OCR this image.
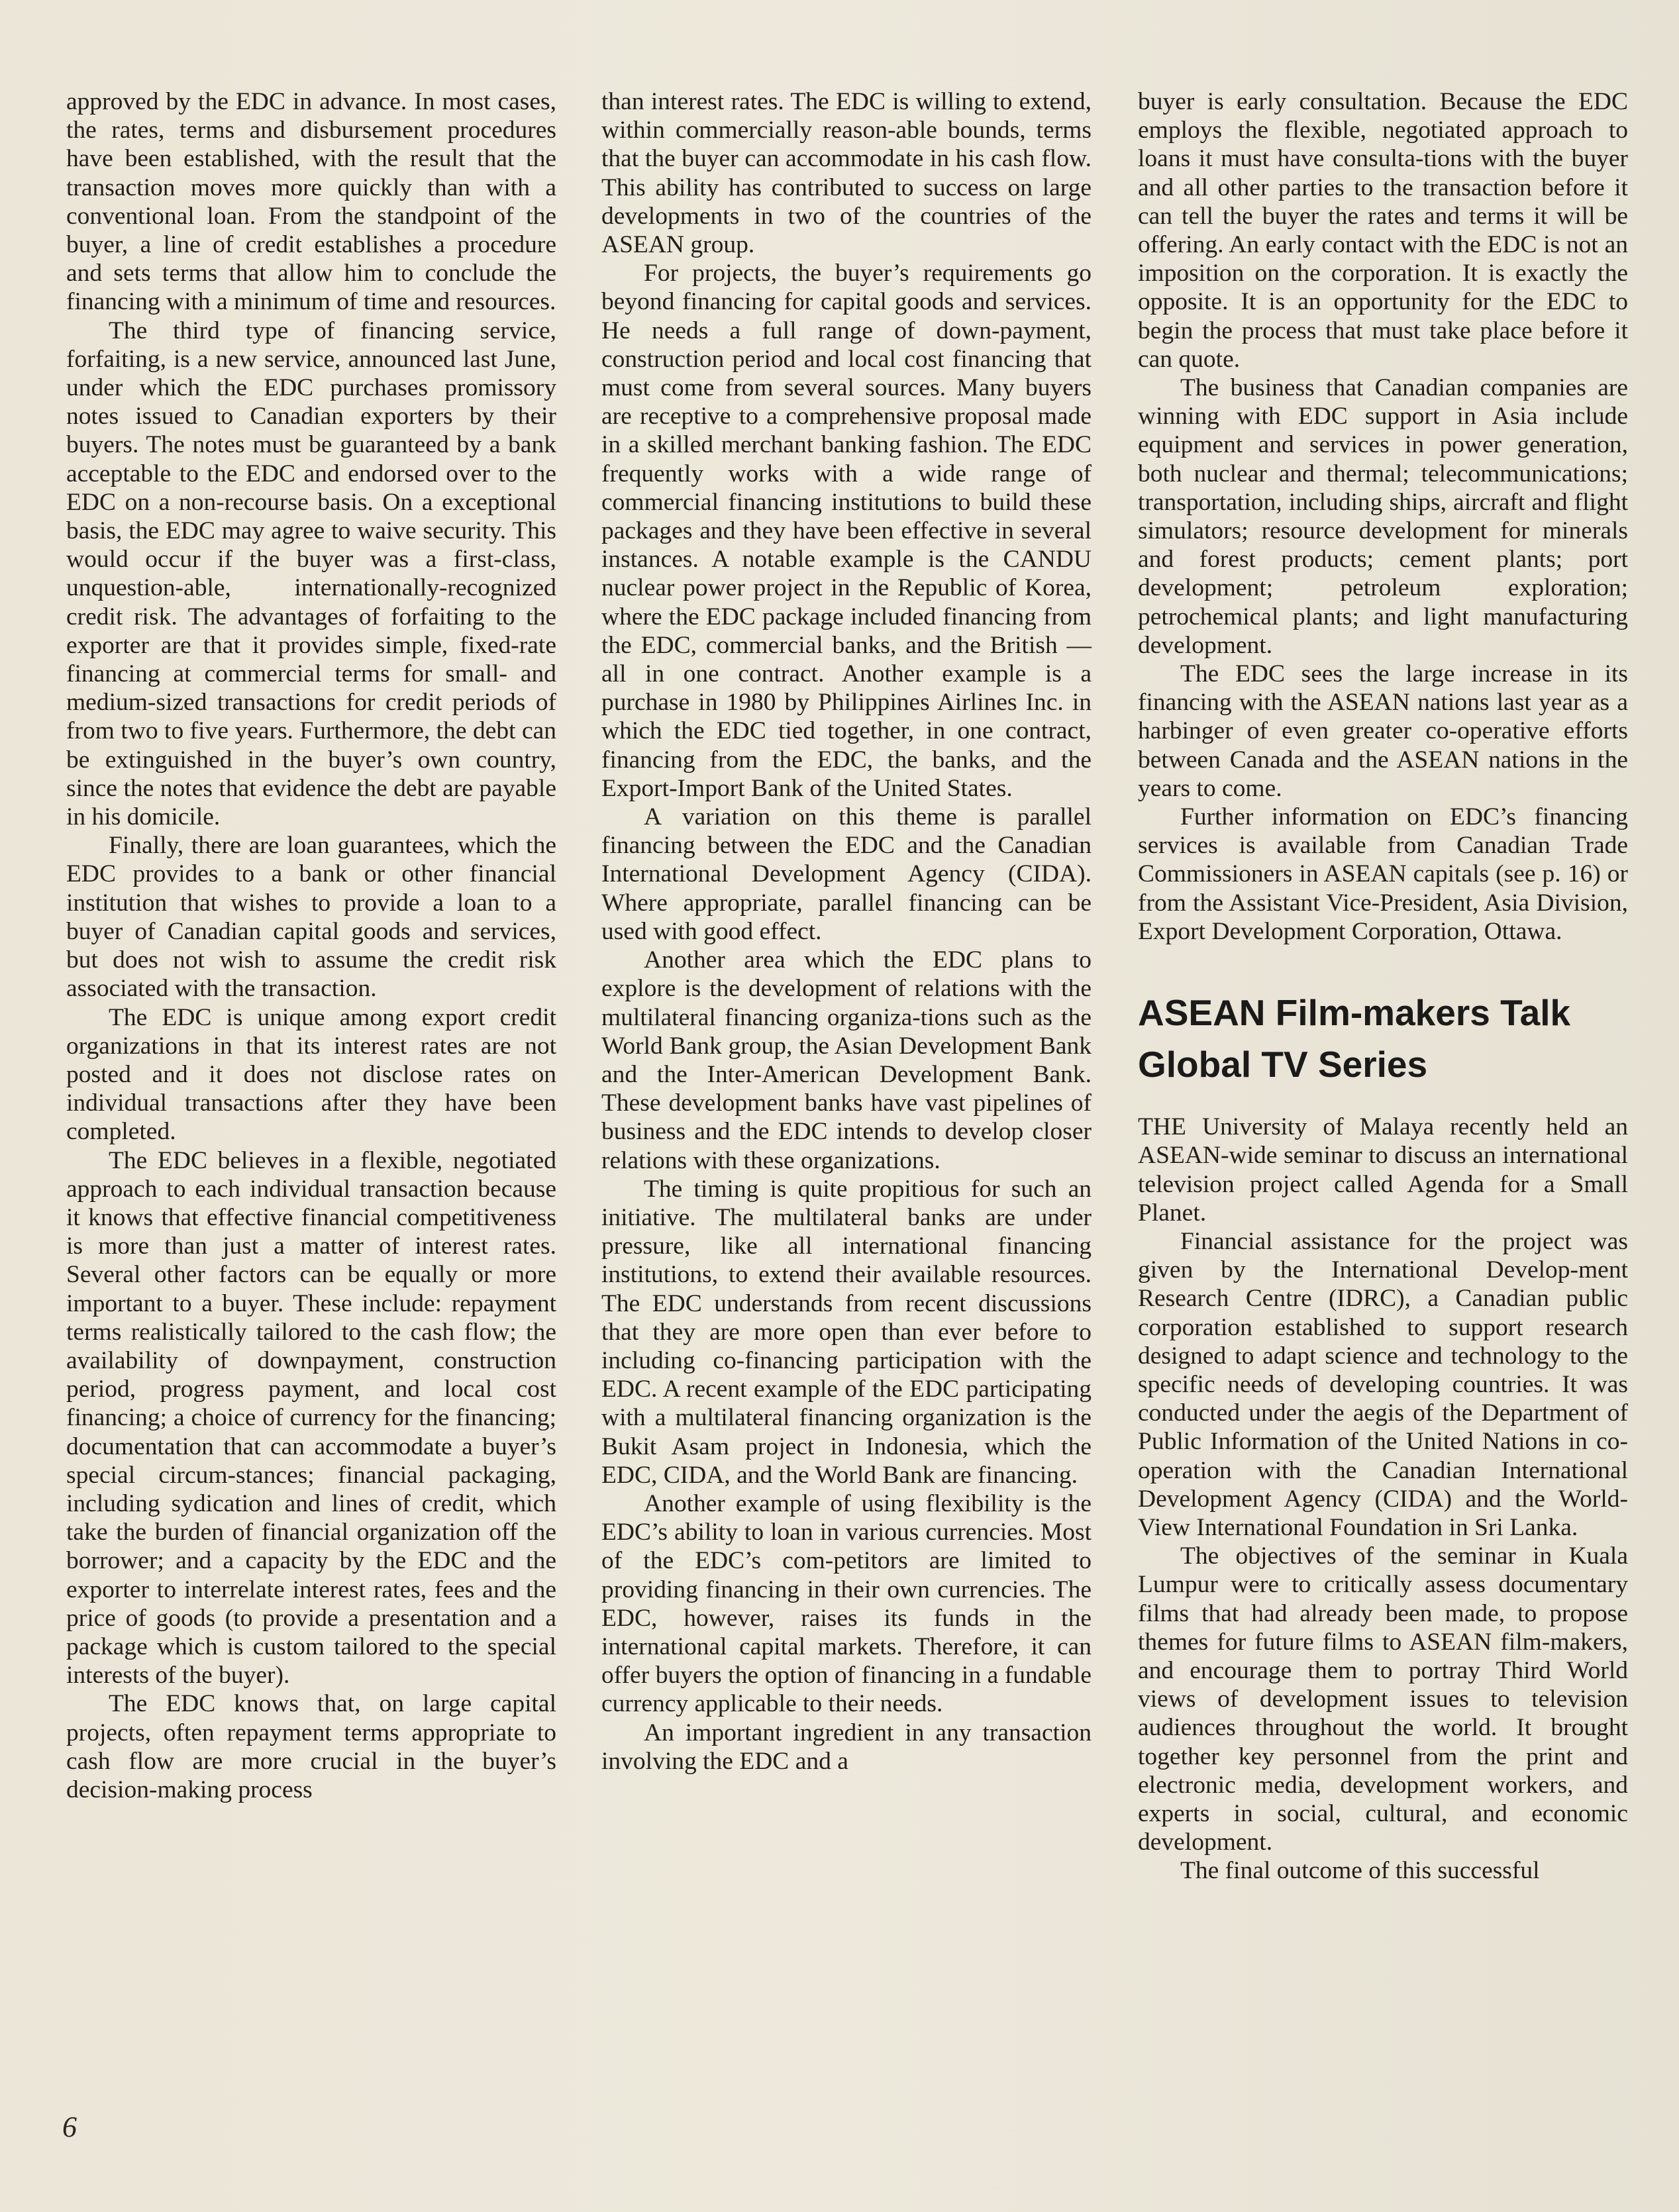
approved by the EDC in advance. In most cases, the rates, terms and disbursement procedures have been established, with the result that the transaction moves more quickly than with a conventional loan. From the standpoint of the buyer, a line of credit establishes a procedure and sets terms that allow him to conclude the financing with a minimum of time and resources.

The third type of financing service, forfaiting, is a new service, announced last June, under which the EDC purchases promissory notes issued to Canadian exporters by their buyers. The notes must be guaranteed by a bank acceptable to the EDC and endorsed over to the EDC on a non-recourse basis. On a exceptional basis, the EDC may agree to waive security. This would occur if the buyer was a first-class, unquestion-able, internationally-recognized credit risk. The advantages of forfaiting to the exporter are that it provides simple, fixed-rate financing at commercial terms for small- and medium-sized transactions for credit periods of from two to five years. Furthermore, the debt can be extinguished in the buyer’s own country, since the notes that evidence the debt are payable in his domicile.

Finally, there are loan guarantees, which the EDC provides to a bank or other financial institution that wishes to provide a loan to a buyer of Canadian capital goods and services, but does not wish to assume the credit risk associated with the transaction.

The EDC is unique among export credit organizations in that its interest rates are not posted and it does not disclose rates on individual transactions after they have been completed.

The EDC believes in a flexible, negotiated approach to each individual transaction because it knows that effective financial competitiveness is more than just a matter of interest rates. Several other factors can be equally or more important to a buyer. These include: repayment terms realistically tailored to the cash flow; the availability of downpayment, construction period, progress payment, and local cost financing; a choice of currency for the financing; documentation that can accommodate a buyer’s special circum-stances; financial packaging, including sydication and lines of credit, which take the burden of financial organization off the borrower; and a capacity by the EDC and the exporter to interrelate interest rates, fees and the price of goods (to provide a presentation and a package which is custom tailored to the special interests of the buyer).

The EDC knows that, on large capital projects, often repayment terms appropriate to cash flow are more crucial in the buyer’s decision-making process

than interest rates. The EDC is willing to extend, within commercially reason-able bounds, terms that the buyer can accommodate in his cash flow. This ability has contributed to success on large developments in two of the countries of the ASEAN group.

For projects, the buyer’s requirements go beyond financing for capital goods and services. He needs a full range of down-payment, construction period and local cost financing that must come from several sources. Many buyers are receptive to a comprehensive proposal made in a skilled merchant banking fashion. The EDC frequently works with a wide range of commercial financing institutions to build these packages and they have been effective in several instances. A notable example is the CANDU nuclear power project in the Republic of Korea, where the EDC package included financing from the EDC, commercial banks, and the British — all in one contract. Another example is a purchase in 1980 by Philippines Airlines Inc. in which the EDC tied together, in one contract, financing from the EDC, the banks, and the Export-Import Bank of the United States.

A variation on this theme is parallel financing between the EDC and the Canadian International Development Agency (CIDA). Where appropriate, parallel financing can be used with good effect.

Another area which the EDC plans to explore is the development of relations with the multilateral financing organiza-tions such as the World Bank group, the Asian Development Bank and the Inter-American Development Bank. These development banks have vast pipelines of business and the EDC intends to develop closer relations with these organizations.

The timing is quite propitious for such an initiative. The multilateral banks are under pressure, like all international financing institutions, to extend their available resources. The EDC understands from recent discussions that they are more open than ever before to including co-financing participation with the EDC. A recent example of the EDC participating with a multilateral financing organization is the Bukit Asam project in Indonesia, which the EDC, CIDA, and the World Bank are financing.

Another example of using flexibility is the EDC’s ability to loan in various currencies. Most of the EDC’s com-petitors are limited to providing financing in their own currencies. The EDC, however, raises its funds in the international capital markets. Therefore, it can offer buyers the option of financing in a fundable currency applicable to their needs.

An important ingredient in any transaction involving the EDC and a

buyer is early consultation. Because the EDC employs the flexible, negotiated approach to loans it must have consulta-tions with the buyer and all other parties to the transaction before it can tell the buyer the rates and terms it will be offering. An early contact with the EDC is not an imposition on the corporation. It is exactly the opposite. It is an opportunity for the EDC to begin the process that must take place before it can quote.

The business that Canadian companies are winning with EDC support in Asia include equipment and services in power generation, both nuclear and thermal; telecommunications; transportation, including ships, aircraft and flight simulators; resource development for minerals and forest products; cement plants; port development; petroleum exploration; petrochemical plants; and light manufacturing development.

The EDC sees the large increase in its financing with the ASEAN nations last year as a harbinger of even greater co-operative efforts between Canada and the ASEAN nations in the years to come.

Further information on EDC’s financing services is available from Canadian Trade Commissioners in ASEAN capitals (see p. 16) or from the Assistant Vice-President, Asia Division, Export Development Corporation, Ottawa.

ASEAN Film-makers Talk Global TV Series

THE University of Malaya recently held an ASEAN-wide seminar to discuss an international television project called Agenda for a Small Planet.

Financial assistance for the project was given by the International Develop-ment Research Centre (IDRC), a Canadian public corporation established to support research designed to adapt science and technology to the specific needs of developing countries. It was conducted under the aegis of the Department of Public Information of the United Nations in co-operation with the Canadian International Development Agency (CIDA) and the World-View International Foundation in Sri Lanka.

The objectives of the seminar in Kuala Lumpur were to critically assess documentary films that had already been made, to propose themes for future films to ASEAN film-makers, and encourage them to portray Third World views of development issues to television audiences throughout the world. It brought together key personnel from the print and electronic media, development workers, and experts in social, cultural, and economic development.

The final outcome of this successful

6
